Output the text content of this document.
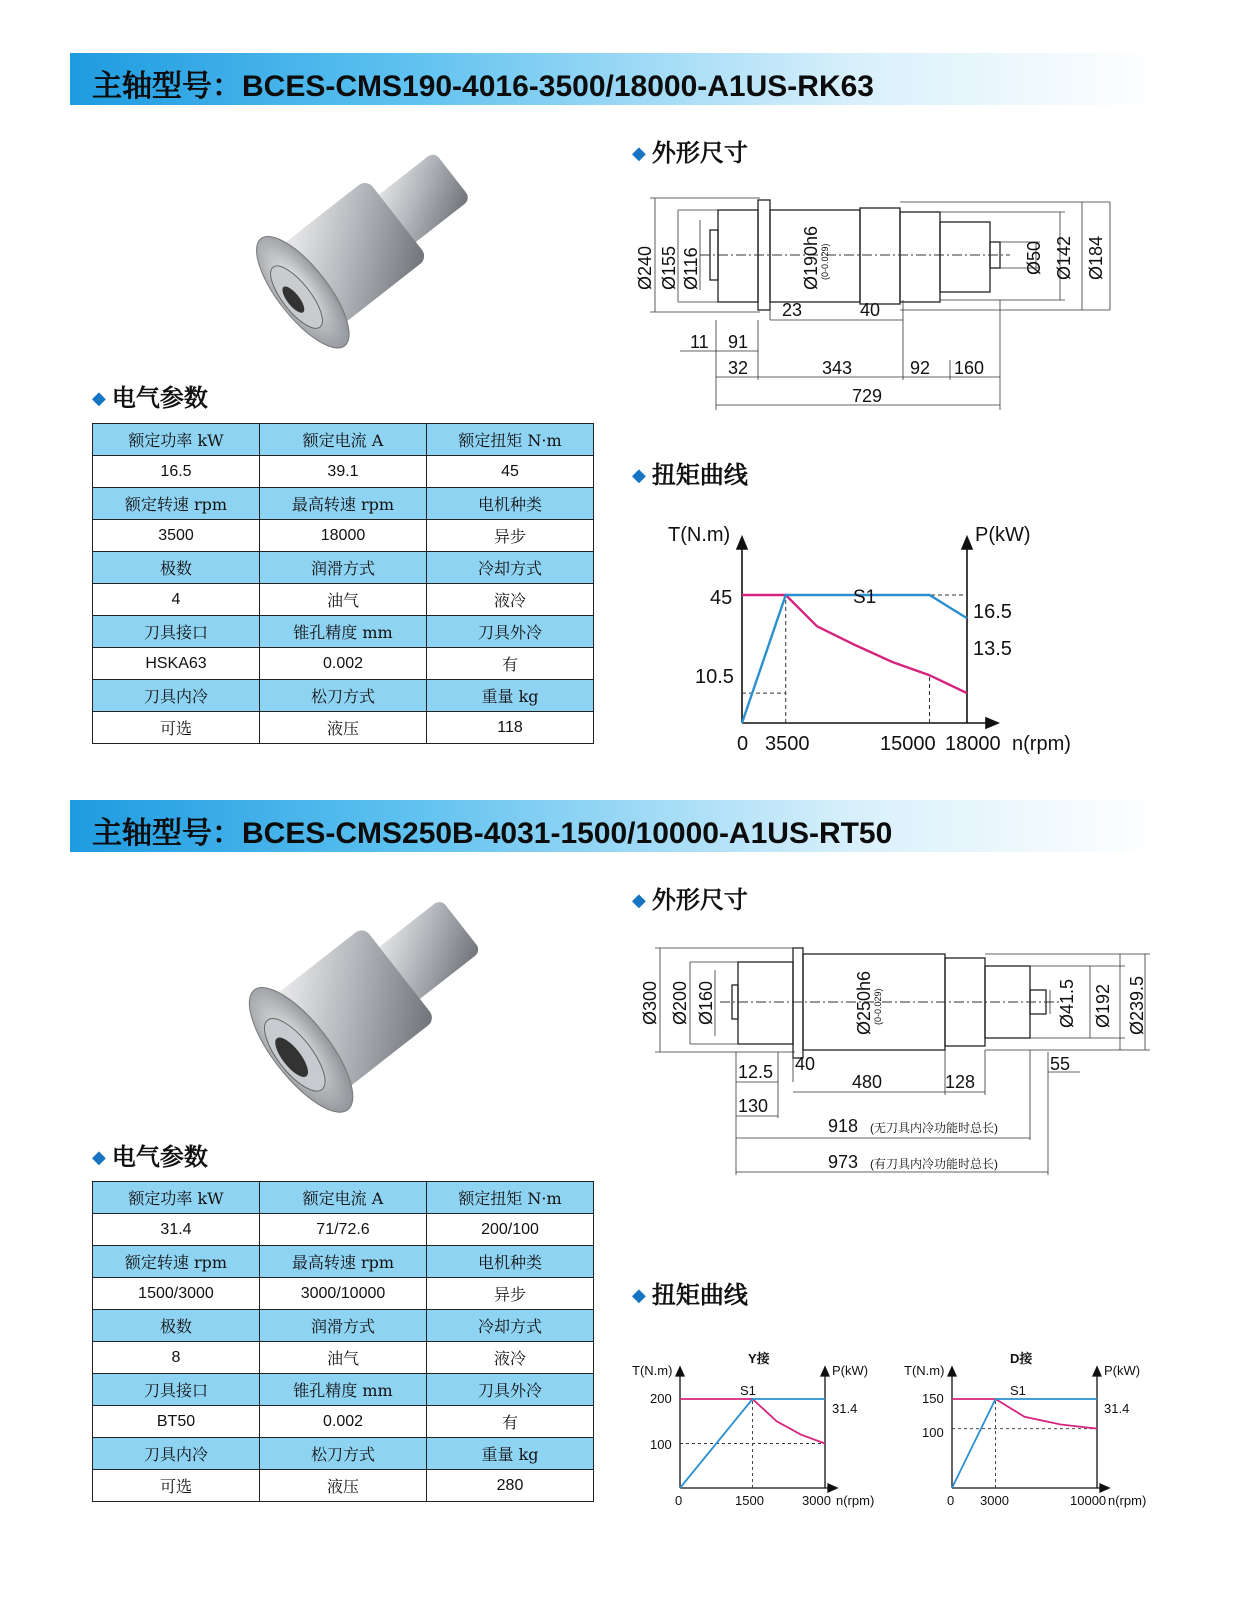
主轴型号：BCES-CMS190-4016-3500/18000-A1US-RK63
◆ 电气参数
额定功率 kW	额定电流 A	额定扭矩 N·m
16.5	39.1	45
额定转速 rpm	最高转速 rpm	电机种类
3500	18000	异步
极数	润滑方式	冷却方式
4	油气	液冷
刀具接口	锥孔精度 mm	刀具外冷
HSKA63	0.002	有
刀具内冷	松刀方式	重量 kg
可选	液压	118
◆ 外形尺寸
Ø240 Ø155 Ø116	Ø190h6 (0-0.029)	Ø50 Ø142 Ø184
23	40
11 91
32	343	92 160
729
◆ 扭矩曲线
T(N.m)	P(kW)
S1
45
10.5
16.5
13.5
0 3500	15000 18000 n(rpm)
主轴型号：BCES-CMS250B-4031-1500/10000-A1US-RT50
◆ 电气参数
额定功率 kW	额定电流 A	额定扭矩 N·m
31.4	71/72.6	200/100
额定转速 rpm	最高转速 rpm	电机种类
1500/3000	3000/10000	异步
极数	润滑方式	冷却方式
8	油气	液冷
刀具接口	锥孔精度 mm	刀具外冷
BT50	0.002	有
刀具内冷	松刀方式	重量 kg
可选	液压	280
◆ 外形尺寸
Ø300 Ø200 Ø160	Ø250h6 (0-0.029)	Ø41.5 Ø192 Ø239.5
12.5 40
480	128
55
130
918 (无刀具内冷功能时总长)
973 (有刀具内冷功能时总长)
◆ 扭矩曲线
Y接
T(N.m)	P(kW)
S1
200
100
31.4
0	1500	3000 n(rpm)
D接
T(N.m)	P(kW)
S1
150
100
31.4
0 3000	10000 n(rpm)
